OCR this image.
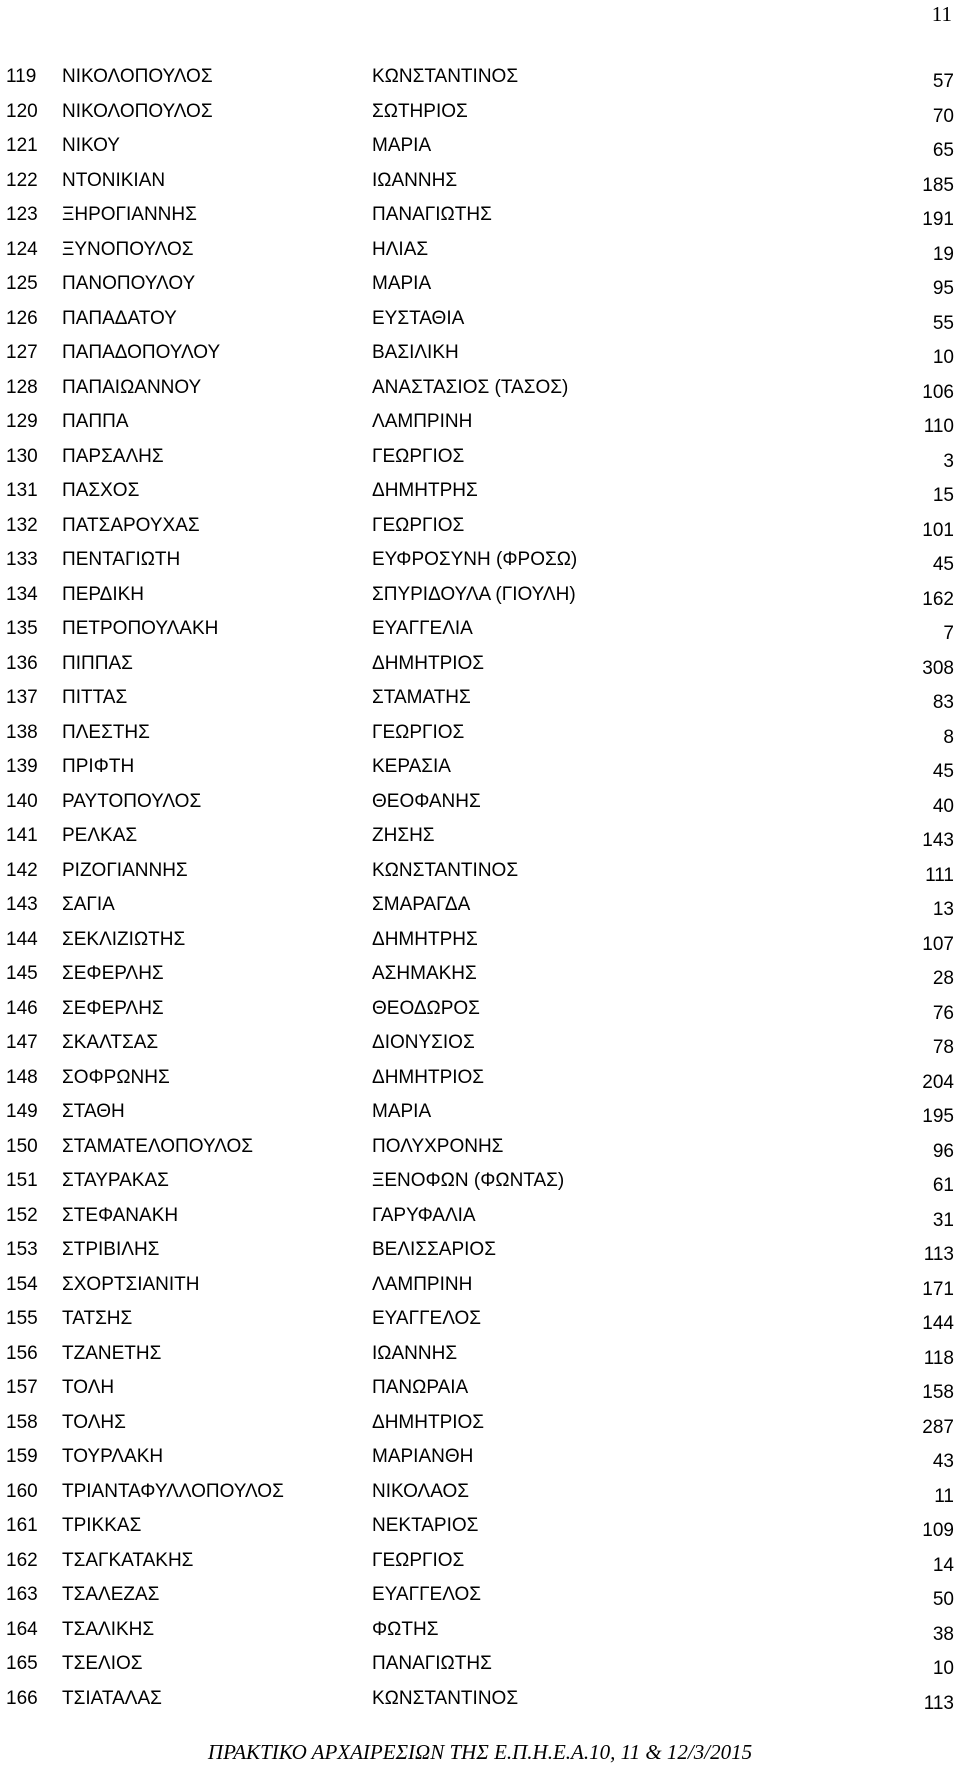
11
119 ΝΙΚΟΛΟΠΟΥΛΟΣ	ΚΩΝΣΤΑΝΤΙΝΟΣ	57
120 ΝΙΚΟΛΟΠΟΥΛΟΣ	ΣΩΤΗΡΙΟΣ	70
121 ΝΙΚΟΥ	ΜΑΡΙΑ	65
122 ΝΤΟΝΙΚΙΑΝ	ΙΩΑΝΝΗΣ	185
123 ΞΗΡΟΓΙΑΝΝΗΣ	ΠΑΝΑΓΙΩΤΗΣ	191
124 ΞΥΝΟΠΟΥΛΟΣ	ΗΛΙΑΣ	19
125 ΠΑΝΟΠΟΥΛΟΥ	ΜΑΡΙΑ	95
126 ΠΑΠΑΔΑΤΟΥ	ΕΥΣΤΑΘΙΑ	55
127 ΠΑΠΑΔΟΠΟΥΛΟΥ	ΒΑΣΙΛΙΚΗ	10
128 ΠΑΠΑΙΩΑΝΝΟΥ	ΑΝΑΣΤΑΣΙΟΣ (ΤΑΣΟΣ)	106
129 ΠΑΠΠΑ	ΛΑΜΠΡΙΝΗ	110
130 ΠΑΡΣΑΛΗΣ	ΓΕΩΡΓΙΟΣ	3
131 ΠΑΣΧΟΣ	ΔΗΜΗΤΡΗΣ	15
132 ΠΑΤΣΑΡΟΥΧΑΣ	ΓΕΩΡΓΙΟΣ	101
133 ΠΕΝΤΑΓΙΩΤΗ	ΕΥΦΡΟΣΥΝΗ (ΦΡΟΣΩ)	45
134 ΠΕΡΔΙΚΗ	ΣΠΥΡΙΔΟΥΛΑ (ΓΙΟΥΛΗ)	162
135 ΠΕΤΡΟΠΟΥΛΑΚΗ	ΕΥΑΓΓΕΛΙΑ	7
136 ΠΙΠΠΑΣ	ΔΗΜΗΤΡΙΟΣ	308
137 ΠΙΤΤΑΣ	ΣΤΑΜΑΤΗΣ	83
138 ΠΛΕΣΤΗΣ	ΓΕΩΡΓΙΟΣ	8
139 ΠΡΙΦΤΗ	ΚΕΡΑΣΙΑ	45
140 ΡΑΥΤΟΠΟΥΛΟΣ	ΘΕΟΦΑΝΗΣ	40
141 ΡΕΛΚΑΣ	ΖΗΣΗΣ	143
142 ΡΙΖΟΓΙΑΝΝΗΣ	ΚΩΝΣΤΑΝΤΙΝΟΣ	111
143 ΣΑΓΙΑ	ΣΜΑΡΑΓΔΑ	13
144 ΣΕΚΛΙΖΙΩΤΗΣ	ΔΗΜΗΤΡΗΣ	107
145 ΣΕΦΕΡΛΗΣ	ΑΣΗΜΑΚΗΣ	28
146 ΣΕΦΕΡΛΗΣ	ΘΕΟΔΩΡΟΣ	76
147 ΣΚΑΛΤΣΑΣ	ΔΙΟΝΥΣΙΟΣ	78
148 ΣΟΦΡΩΝΗΣ	ΔΗΜΗΤΡΙΟΣ	204
149 ΣΤΑΘΗ	ΜΑΡΙΑ	195
150 ΣΤΑΜΑΤΕΛΟΠΟΥΛΟΣ	ΠΟΛΥΧΡΟΝΗΣ	96
151 ΣΤΑΥΡΑΚΑΣ	ΞΕΝΟΦΩΝ (ΦΩΝΤΑΣ)	61
152 ΣΤΕΦΑΝΑΚΗ	ΓΑΡΥΦΑΛΙΑ	31
153 ΣΤΡΙΒΙΛΗΣ	ΒΕΛΙΣΣΑΡΙΟΣ	113
154 ΣΧΟΡΤΣΙΑΝΙΤΗ	ΛΑΜΠΡΙΝΗ	171
155 ΤΑΤΣΗΣ	ΕΥΑΓΓΕΛΟΣ	144
156 ΤΖΑΝΕΤΗΣ	ΙΩΑΝΝΗΣ	118
157 ΤΟΛΗ	ΠΑΝΩΡΑΙΑ	158
158 ΤΟΛΗΣ	ΔΗΜΗΤΡΙΟΣ	287
159 ΤΟΥΡΛΑΚΗ	ΜΑΡΙΑΝΘΗ	43
160 ΤΡΙΑΝΤΑΦΥΛΛΟΠΟΥΛΟΣ	ΝΙΚΟΛΑΟΣ	11
161 ΤΡΙΚΚΑΣ	ΝΕΚΤΑΡΙΟΣ	109
162 ΤΣΑΓΚΑΤΑΚΗΣ	ΓΕΩΡΓΙΟΣ	14
163 ΤΣΑΛΕΖΑΣ	ΕΥΑΓΓΕΛΟΣ	50
164 ΤΣΑΛΙΚΗΣ	ΦΩΤΗΣ	38
165 ΤΣΕΛΙΟΣ	ΠΑΝΑΓΙΩΤΗΣ	10
166 ΤΣΙΑΤΑΛΑΣ	ΚΩΝΣΤΑΝΤΙΝΟΣ	113
ΠΡΑΚΤΙΚΟ ΑΡΧΑΙΡΕΣΙΩΝ ΤΗΣ Ε.Π.Η.Ε.Α.10, 11 & 12/3/2015
